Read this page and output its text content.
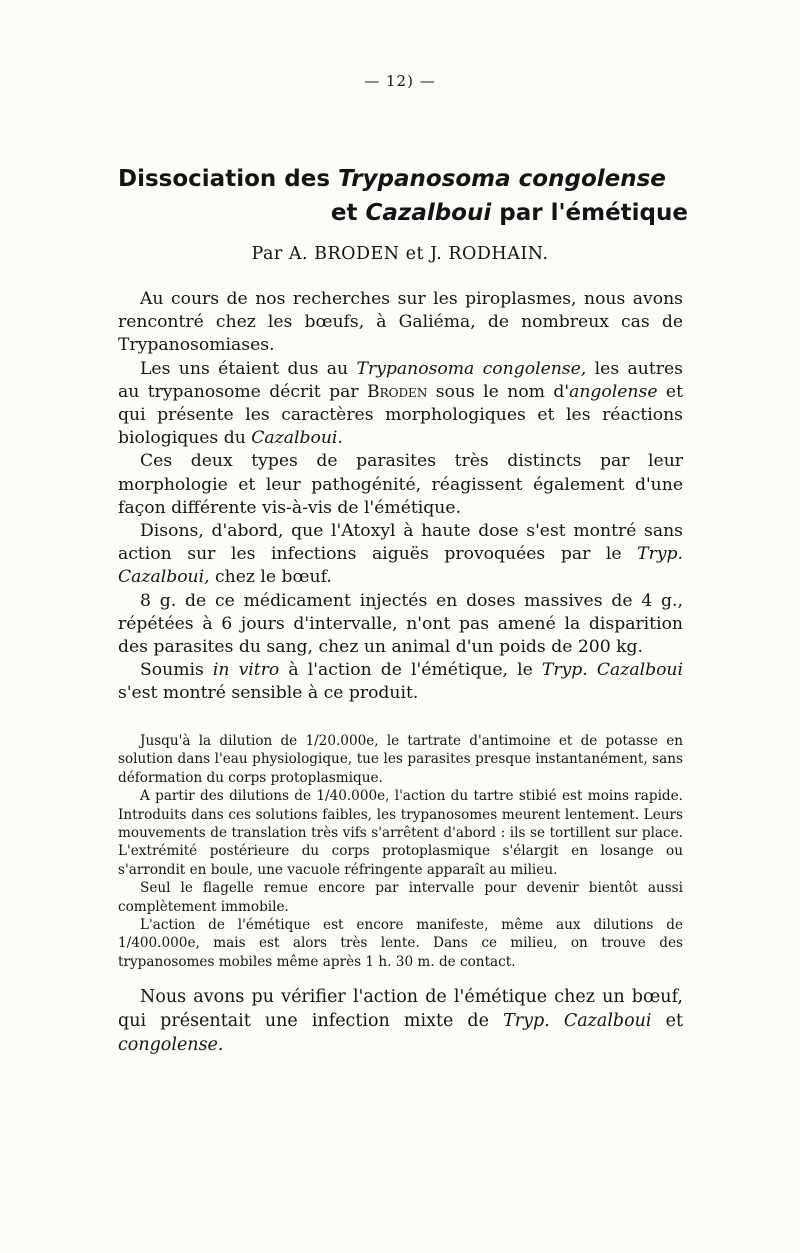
— 12) —
Dissociation des Trypanosoma congolense
et Cazalboui par l'émétique
Par A. BRODEN et J. RODHAIN.

Au cours de nos recherches sur les piroplasmes, nous avons rencontré chez les bœufs, à Galiéma, de nombreux cas de Trypanosomiases.

Les uns étaient dus au Trypanosoma congolense, les autres au trypanosome décrit par Broden sous le nom d'angolense et qui présente les caractères morphologiques et les réactions biologiques du Cazalboui.

Ces deux types de parasites très distincts par leur morphologie et leur pathogénité, réagissent également d'une façon différente vis-à-vis de l'émétique.

Disons, d'abord, que l'Atoxyl à haute dose s'est montré sans action sur les infections aiguës provoquées par le Tryp. Cazalboui, chez le bœuf.

8 g. de ce médicament injectés en doses massives de 4 g., répétées à 6 jours d'intervalle, n'ont pas amené la disparition des parasites du sang, chez un animal d'un poids de 200 kg.

Soumis in vitro à l'action de l'émétique, le Tryp. Cazalboui s'est montré sensible à ce produit.

Jusqu'à la dilution de 1/20.000e, le tartrate d'antimoine et de potasse en solution dans l'eau physiologique, tue les parasites presque instantanément, sans déformation du corps protoplasmique.

A partir des dilutions de 1/40.000e, l'action du tartre stibié est moins rapide. Introduits dans ces solutions faibles, les trypanosomes meurent lentement. Leurs mouvements de translation très vifs s'arrêtent d'abord : ils se tortillent sur place. L'extrémité postérieure du corps protoplasmique s'élargit en losange ou s'arrondit en boule, une vacuole réfringente apparaît au milieu.

Seul le flagelle remue encore par intervalle pour devenir bientôt aussi complètement immobile.

L'action de l'émétique est encore manifeste, même aux dilutions de 1/400.000e, mais est alors très lente. Dans ce milieu, on trouve des trypanosomes mobiles même après 1 h. 30 m. de contact.

Nous avons pu vérifier l'action de l'émétique chez un bœuf, qui présentait une infection mixte de Tryp. Cazalboui et congolense.
